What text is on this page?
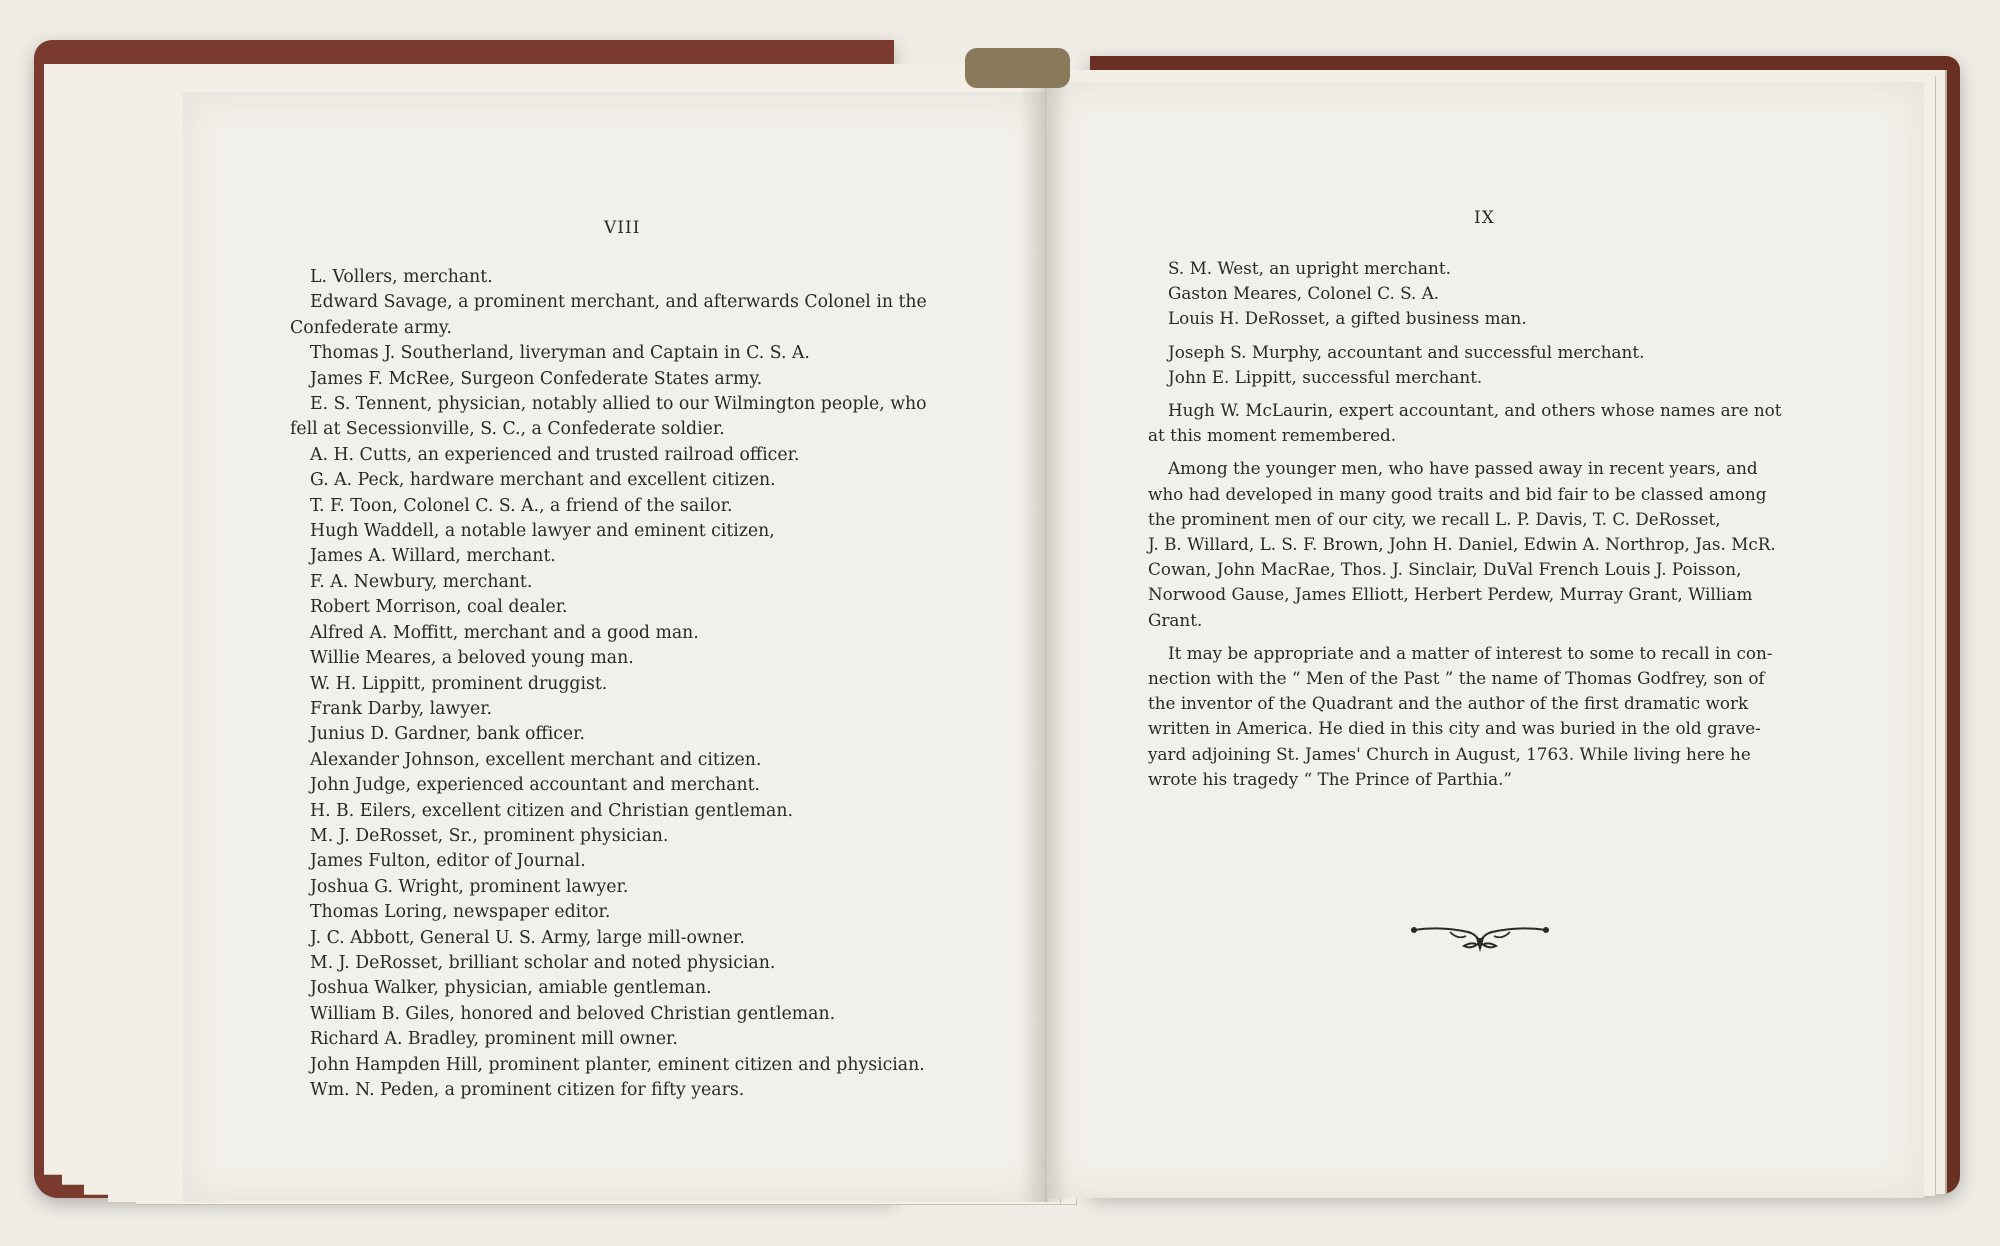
VIII

L. Vollers, merchant.

Edward Savage, a prominent merchant, and afterwards Colonel in the

Confederate army.

Thomas J. Southerland, liveryman and Captain in C. S. A.

James F. McRee, Surgeon Confederate States army.

E. S. Tennent, physician, notably allied to our Wilmington people, who

fell at Secessionville, S. C., a Confederate soldier.

A. H. Cutts, an experienced and trusted railroad officer.

G. A. Peck, hardware merchant and excellent citizen.

T. F. Toon, Colonel C. S. A., a friend of the sailor.

Hugh Waddell, a notable lawyer and eminent citizen,

James A. Willard, merchant.

F. A. Newbury, merchant.

Robert Morrison, coal dealer.

Alfred A. Moffitt, merchant and a good man.

Willie Meares, a beloved young man.

W. H. Lippitt, prominent druggist.

Frank Darby, lawyer.

Junius D. Gardner, bank officer.

Alexander Johnson, excellent merchant and citizen.

John Judge, experienced accountant and merchant.

H. B. Eilers, excellent citizen and Christian gentleman.

M. J. DeRosset, Sr., prominent physician.

James Fulton, editor of Journal.

Joshua G. Wright, prominent lawyer.

Thomas Loring, newspaper editor.

J. C. Abbott, General U. S. Army, large mill-owner.

M. J. DeRosset, brilliant scholar and noted physician.

Joshua Walker, physician, amiable gentleman.

William B. Giles, honored and beloved Christian gentleman.

Richard A. Bradley, prominent mill owner.

John Hampden Hill, prominent planter, eminent citizen and physician.

Wm. N. Peden, a prominent citizen for fifty years.

IX

S. M. West, an upright merchant.

Gaston Meares, Colonel C. S. A.

Louis H. DeRosset, a gifted business man.

Joseph S. Murphy, accountant and successful merchant.

John E. Lippitt, successful merchant.

Hugh W. McLaurin, expert accountant, and others whose names are not

at this moment remembered.

Among the younger men, who have passed away in recent years, and

who had developed in many good traits and bid fair to be classed among

the prominent men of our city, we recall L. P. Davis, T. C. DeRosset,

J. B. Willard, L. S. F. Brown, John H. Daniel, Edwin A. Northrop, Jas. McR.

Cowan, John MacRae, Thos. J. Sinclair, DuVal French Louis J. Poisson,

Norwood Gause, James Elliott, Herbert Perdew, Murray Grant, William

Grant.

It may be appropriate and a matter of interest to some to recall in con-

nection with the “ Men of the Past ” the name of Thomas Godfrey, son of

the inventor of the Quadrant and the author of the first dramatic work

written in America. He died in this city and was buried in the old grave-

yard adjoining St. James' Church in August, 1763. While living here he

wrote his tragedy “ The Prince of Parthia.”
